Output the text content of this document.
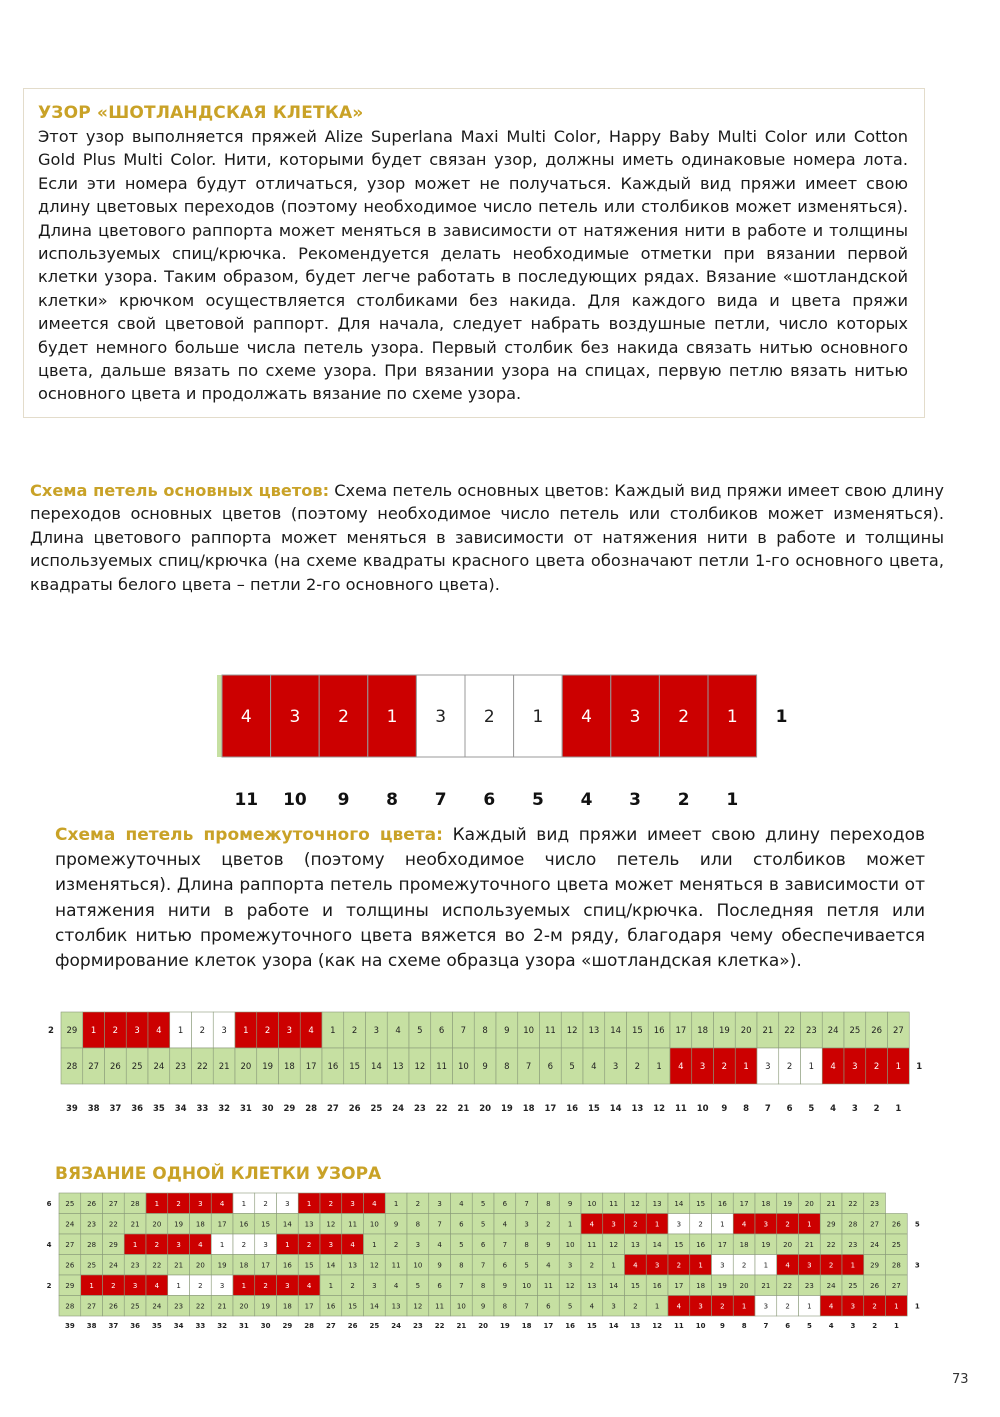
УЗОР «ШОТЛАНДСКАЯ КЛЕТКА»

Этот узор выполняется пряжей Alize Superlana Maxi Multi Color, Happy Baby Multi Color или Cotton Gold Plus Multi Color. Нити, которыми будет связан узор, должны иметь одинаковые номера лота. Если эти номера будут отличаться, узор может не получаться. Каждый вид пряжи имеет свою длину цветовых переходов (поэтому необходимое число петель или столбиков может изменяться). Длина цветового раппорта может меняться в зависимости от натяжения нити в работе и толщины используемых спиц/крючка. Рекомендуется делать необходимые отметки при вязании первой клетки узора. Таким образом, будет легче работать в последующих рядах. Вязание «шотландской клетки» крючком осуществляется столбиками без накида. Для каждого вида и цвета пряжи имеется свой цветовой раппорт. Для начала, следует набрать воздушные петли, число которых будет немного больше числа петель узора. Первый столбик без накида связать нитью основного цвета, дальше вязать по схеме узора. При вязании узора на спицах, первую петлю вязать нитью основного цвета и продолжать вязание по схеме узора.

Схема петель основных цветов: Схема петель основных цветов: Каждый вид пряжи имеет свою длину переходов основных цветов (поэтому необходимое число петель или столбиков может изменяться). Длина цветового раппорта может меняться в зависимости от натяжения нити в работе и толщины используемых спиц/крючка (на схеме квадраты красного цвета обозначают петли 1-го основного цвета, квадраты белого цвета – петли 2-го основного цвета).
4 3 2 1 3 2 1 4 3 2 1 1
11 10 9 8 7 6 5 4 3 2 1
Схема петель промежуточного цвета: Каждый вид пряжи имеет свою длину переходов промежуточных цветов (поэтому необходимое число петель или столбиков может изменяться). Длина раппорта петель промежуточного цвета может меняться в зависимости от натяжения нити в работе и толщины используемых спиц/крючка. Последняя петля или столбик нитью промежуточного цвета вяжется во 2-м ряду, благодаря чему обеспечивается формирование клеток узора (как на схеме образца узора «шотландская клетка»).
29 1 2 3 4 1 2 3 1 2 3 4 1 2 3 4 5 6 7 8 9 10 11 12 13 14 15 16 17 18 19 20 21 22 23 24 25 26 27
2
28 27 26 25 24 23 22 21 20 19 18 17 16 15 14 13 12 11 10 9 8 7 6 5 4 3 2 1 4 3 2 1 3 2 1 4 3 2 1 1
39 38 37 36 35 34 33 32 31 30 29 28 27 26 25 24 23 22 21 20 19 18 17 16 15 14 13 12 11 10 9 8 7 6 5 4 3 2 1
ВЯЗАНИЕ ОДНОЙ КЛЕТКИ УЗОРА
25 26 27 28 1 2 3 4 1 2 3 1 2 3 4 1 2 3 4 5 6 7 8 9 10 11 12 13 14 15 16 17 18 19 20 21 22 23
6
24 23 22 21 20 19 18 17 16 15 14 13 12 11 10 9 8 7 6 5 4 3 2 1 4 3 2 1 3 2 1 4 3 2 1 29 28 27 26 5
27 28 29 1 2 3 4 1 2 3 1 2 3 4 1 2 3 4 5 6 7 8 9 10 11 12 13 14 15 16 17 18 19 20 21 22 23 24 25
4
26 25 24 23 22 21 20 19 18 17 16 15 14 13 12 11 10 9 8 7 6 5 4 3 2 1 4 3 2 1 3 2 1 4 3 2 1 29 28 3
29 1 2 3 4 1 2 3 1 2 3 4 1 2 3 4 5 6 7 8 9 10 11 12 13 14 15 16 17 18 19 20 21 22 23 24 25 26 27
2
28 27 26 25 24 23 22 21 20 19 18 17 16 15 14 13 12 11 10 9 8 7 6 5 4 3 2 1 4 3 2 1 3 2 1 4 3 2 1 1
39 38 37 36 35 34 33 32 31 30 29 28 27 26 25 24 23 22 21 20 19 18 17 16 15 14 13 12 11 10 9 8 7 6 5 4 3 2 1
73
